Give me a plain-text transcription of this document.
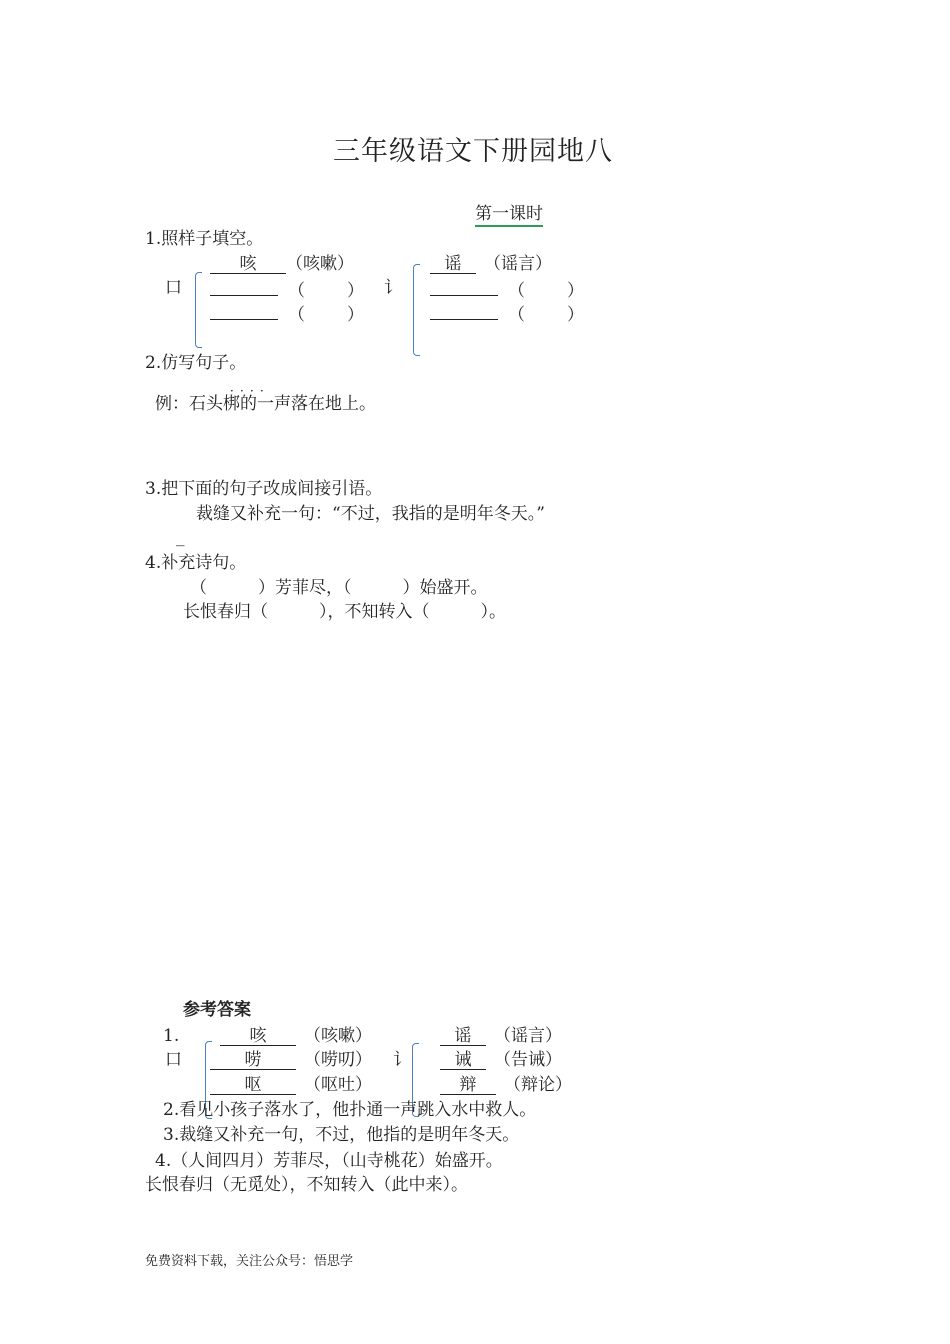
三年级语文下册园地八
第一课时
1.照样子填空。
口
咳 （咳嗽）
（ ）
（ ）
讠
谣 （谣言）
（ ）
（ ）
2.仿写句子。
．．．．
例：石头梆的一声落在地上。
3.把下面的句子改成间接引语。
裁缝又补充一句：“不过，我指的是明年冬天。”
_
4.补充诗句。
（　　　）芳菲尽，（　　　）始盛开。
长恨春归（　　　），不知转入（　　　）。
参考答案
1.
口
咳 （咳嗽）
唠	（唠叨）
呕	（呕吐）
讠
谣 （谣言）
诫 （告诫）
辩 （辩论）
2.看见小孩子落水了，他扑通一声跳入水中救人。
3.裁缝又补充一句，不过，他指的是明年冬天。
4.（人间四月）芳菲尽，（山寺桃花）始盛开。
长恨春归（无觅处），不知转入（此中来）。
免费资料下载，关注公众号：悟思学
